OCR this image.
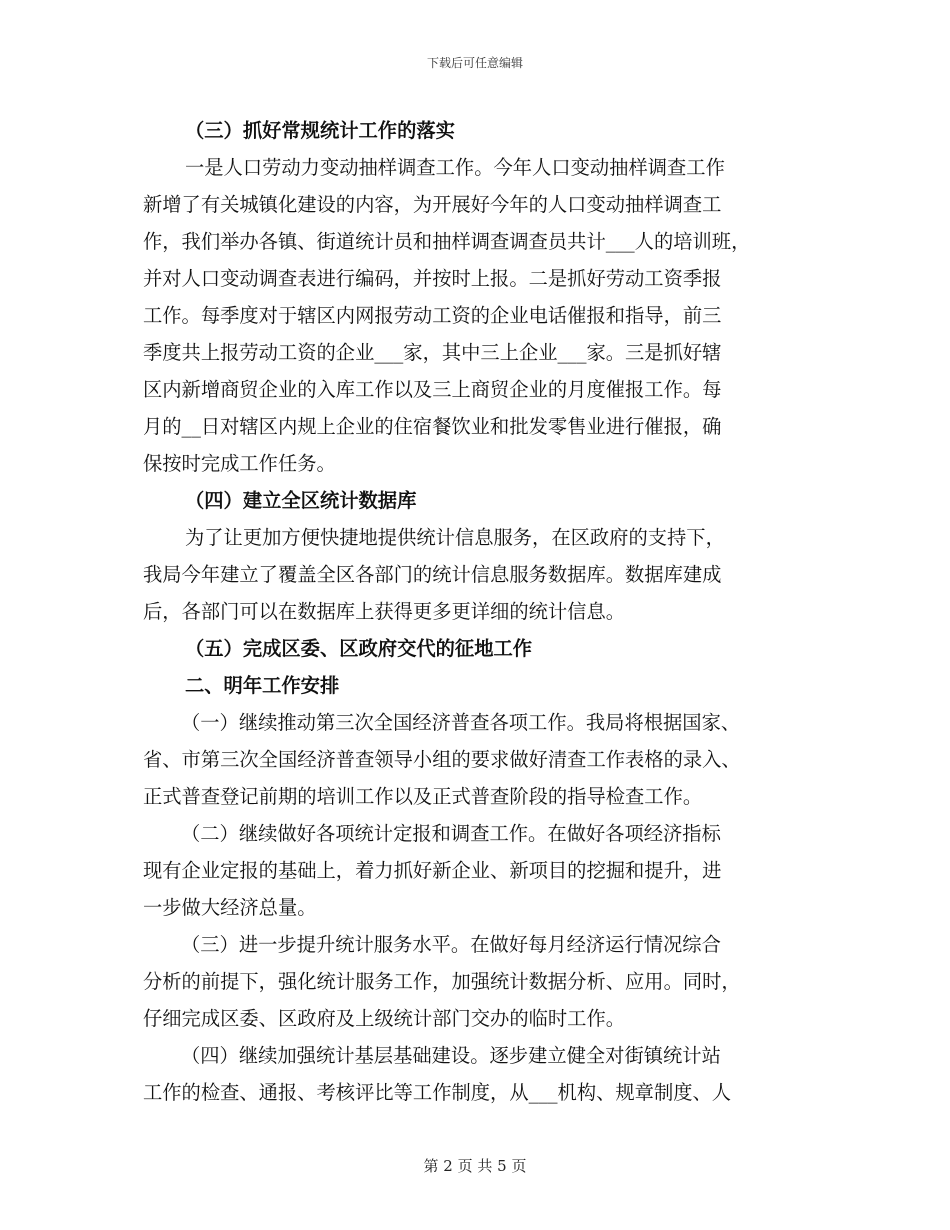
下载后可任意编辑
（三）抓好常规统计工作的落实
一是人口劳动力变动抽样调查工作。今年人口变动抽样调查工作
新增了有关城镇化建设的内容，为开展好今年的人口变动抽样调查工
作，我们举办各镇、街道统计员和抽样调查调查员共计___人的培训班，
并对人口变动调查表进行编码，并按时上报。二是抓好劳动工资季报
工作。每季度对于辖区内网报劳动工资的企业电话催报和指导，前三
季度共上报劳动工资的企业___家，其中三上企业___家。三是抓好辖
区内新增商贸企业的入库工作以及三上商贸企业的月度催报工作。每
月的__日对辖区内规上企业的住宿餐饮业和批发零售业进行催报，确
保按时完成工作任务。
（四）建立全区统计数据库
为了让更加方便快捷地提供统计信息服务，在区政府的支持下，
我局今年建立了覆盖全区各部门的统计信息服务数据库。数据库建成
后，各部门可以在数据库上获得更多更详细的统计信息。
（五）完成区委、区政府交代的征地工作
二、明年工作安排
（一）继续推动第三次全国经济普查各项工作。我局将根据国家、
省、市第三次全国经济普查领导小组的要求做好清查工作表格的录入、
正式普查登记前期的培训工作以及正式普查阶段的指导检查工作。
（二）继续做好各项统计定报和调查工作。在做好各项经济指标
现有企业定报的基础上，着力抓好新企业、新项目的挖掘和提升，进
一步做大经济总量。
（三）进一步提升统计服务水平。在做好每月经济运行情况综合
分析的前提下，强化统计服务工作，加强统计数据分析、应用。同时，
仔细完成区委、区政府及上级统计部门交办的临时工作。
（四）继续加强统计基层基础建设。逐步建立健全对街镇统计站
工作的检查、通报、考核评比等工作制度，从___机构、规章制度、人
第 2 页 共 5 页
